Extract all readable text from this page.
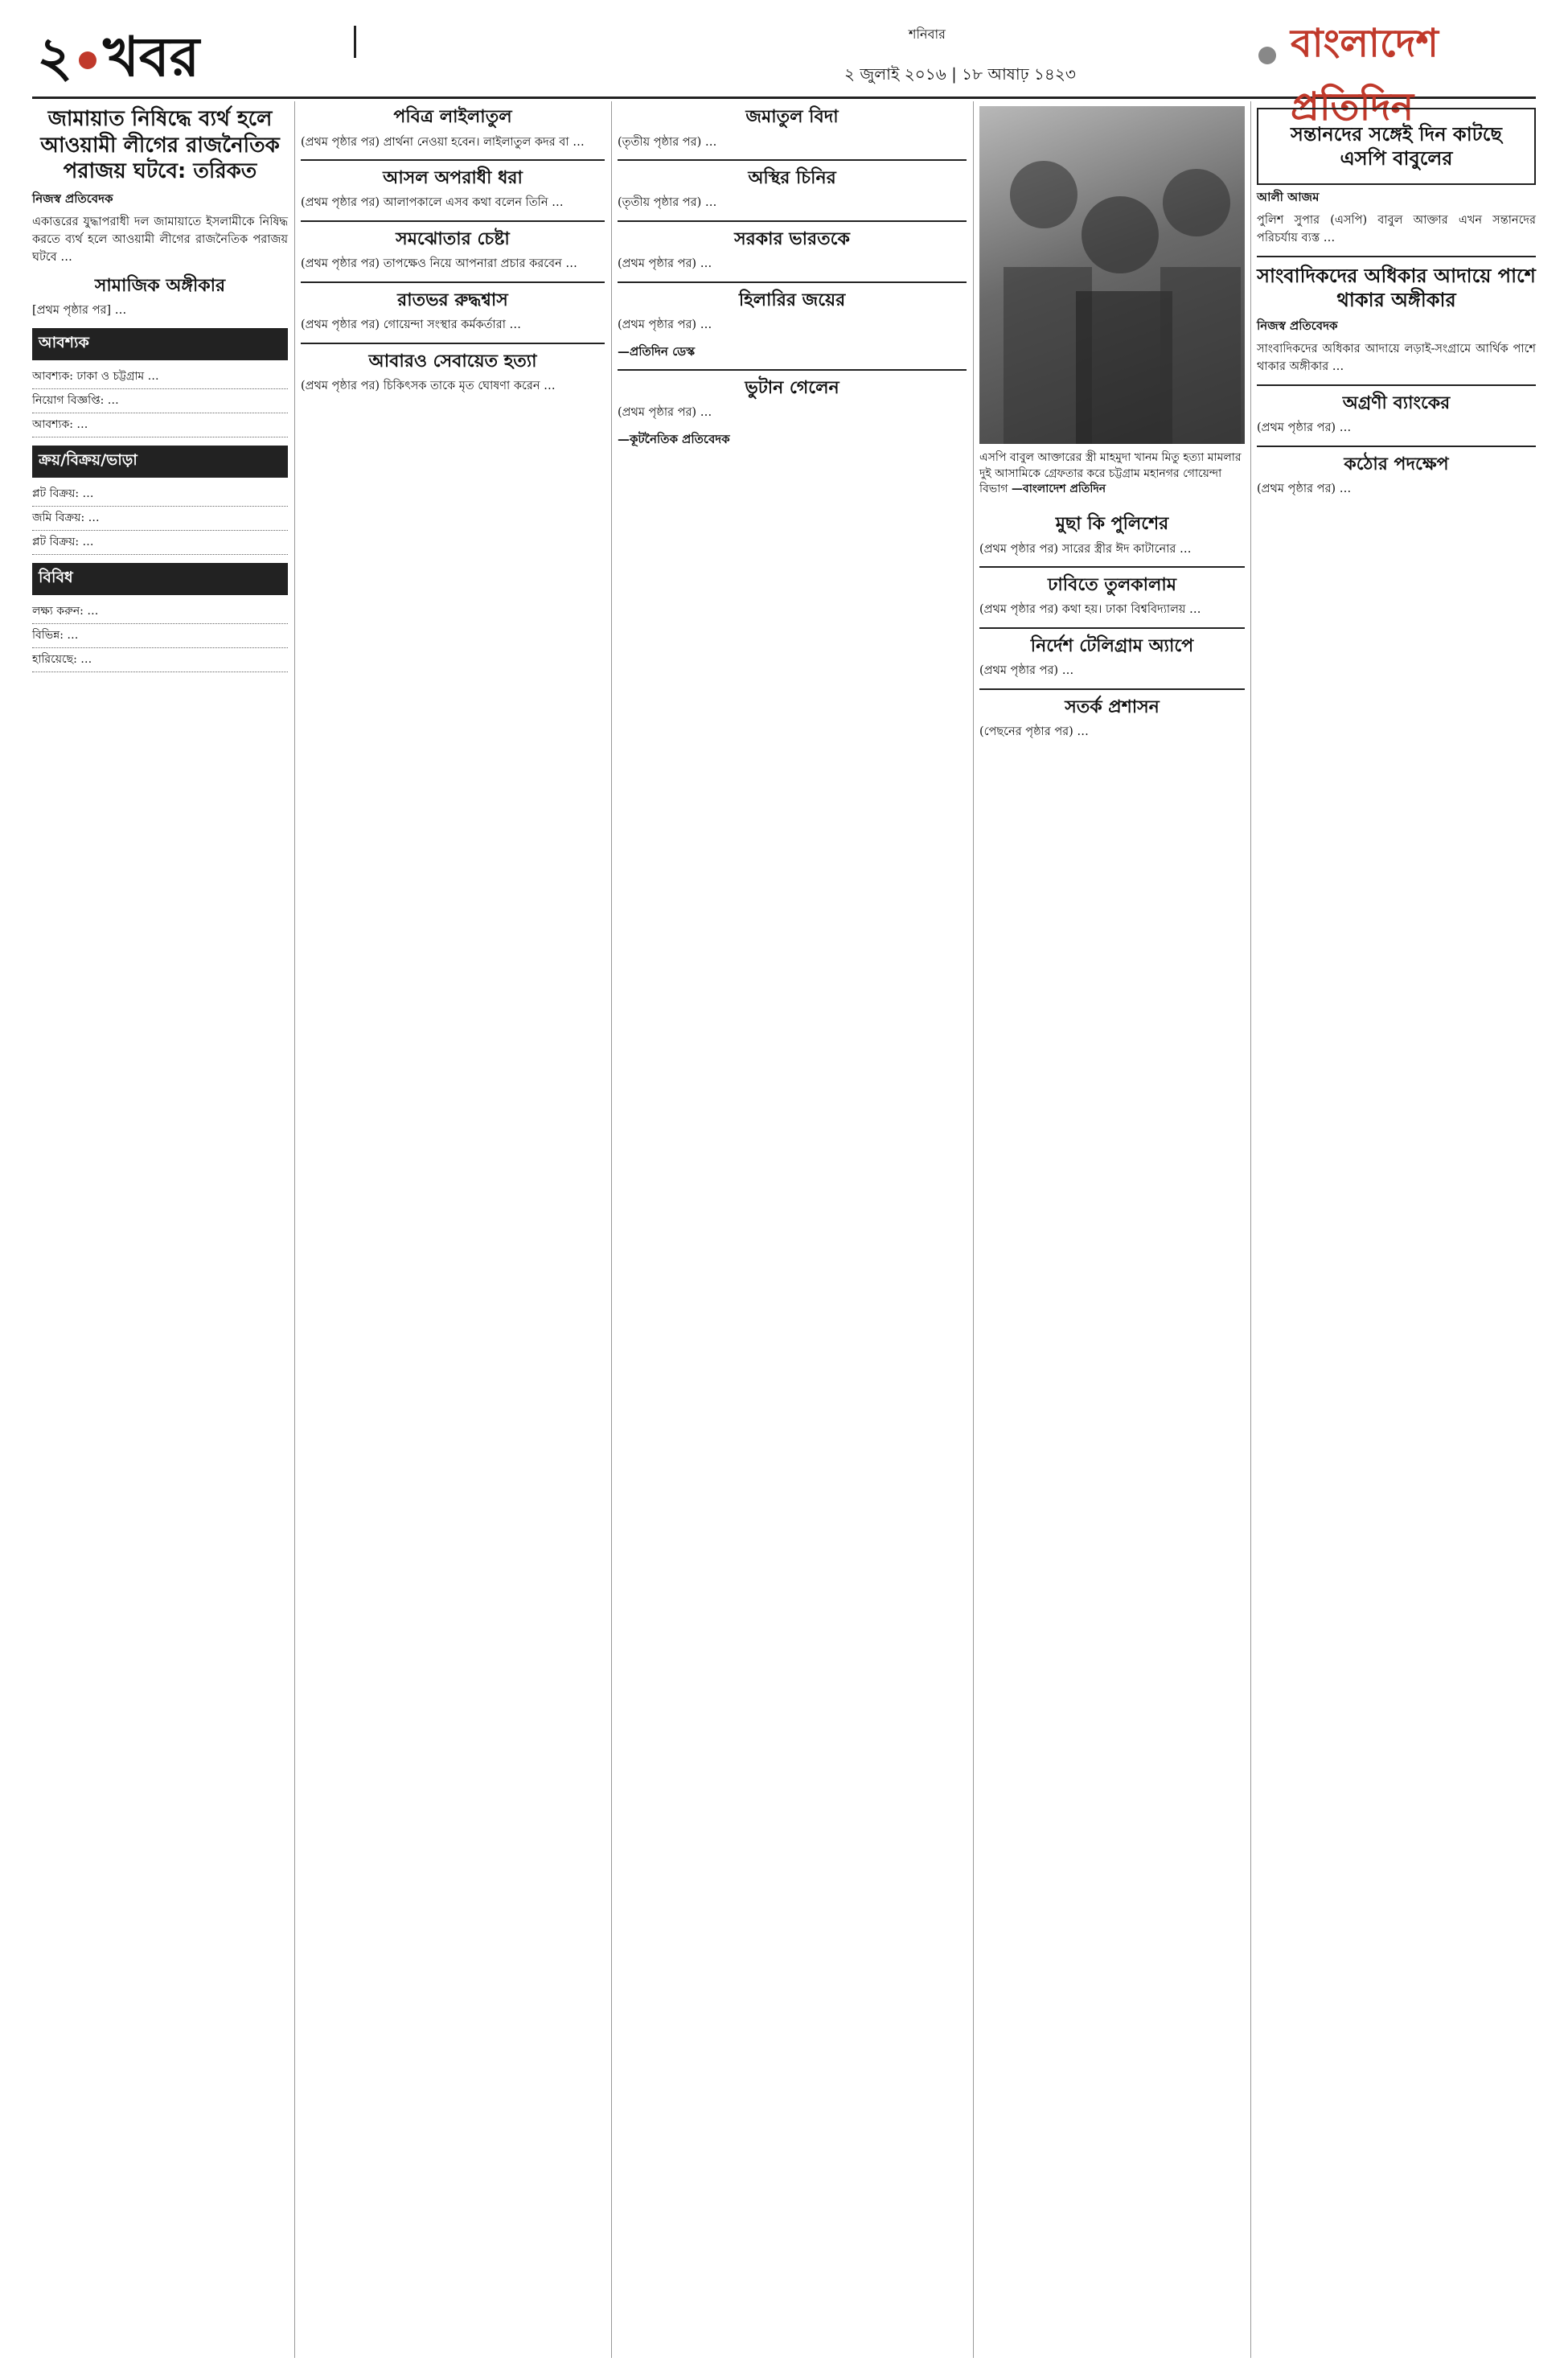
২ খবর	শনিবার
২ জুলাই ২০১৬ | ১৮ আষাঢ় ১৪২৩
বাংলাদেশ প্রতিদিন
জামায়াত নিষিদ্ধে ব্যর্থ হলে আওয়ামী লীগের রাজনৈতিক পরাজয় ঘটবে: তরিকত
নিজস্ব প্রতিবেদক

একাত্তরের যুদ্ধাপরাধী দল জামায়াতে ইসলামীকে নিষিদ্ধ করতে ব্যর্থ হলে আওয়ামী লীগের রাজনৈতিক পরাজয় ঘটবে …

সামাজিক অঙ্গীকার

[প্রথম পৃষ্ঠার পর] …

আবশ্যক
আবশ্যক: ঢাকা ও চট্টগ্রাম …
নিয়োগ বিজ্ঞপ্তি: …
আবশ্যক: …
ক্রয়/বিক্রয়/ভাড়া
প্লট বিক্রয়: …
জমি বিক্রয়: …
প্লট বিক্রয়: …
বিবিধ
লক্ষ্য করুন: …
বিভিন্ন: …
হারিয়েছে: …
পবিত্র লাইলাতুল

(প্রথম পৃষ্ঠার পর) প্রার্থনা নেওয়া হবেন। লাইলাতুল কদর বা …

আসল অপরাধী ধরা

(প্রথম পৃষ্ঠার পর) আলাপকালে এসব কথা বলেন তিনি …

সমঝোতার চেষ্টা

(প্রথম পৃষ্ঠার পর) তাপক্ষেও নিয়ে আপনারা প্রচার করবেন …

রাতভর রুদ্ধশ্বাস

(প্রথম পৃষ্ঠার পর) গোয়েন্দা সংস্থার কর্মকর্তারা …

আবারও সেবায়েত হত্যা

(প্রথম পৃষ্ঠার পর) চিকিৎসক তাকে মৃত ঘোষণা করেন …

জমাতুল বিদা

(তৃতীয় পৃষ্ঠার পর) …

অস্থির চিনির

(তৃতীয় পৃষ্ঠার পর) …

সরকার ভারতকে

(প্রথম পৃষ্ঠার পর) …

হিলারির জয়ের

(প্রথম পৃষ্ঠার পর) …

—প্রতিদিন ডেস্ক
ভুটান গেলেন

(প্রথম পৃষ্ঠার পর) …

—কূটনৈতিক প্রতিবেদক
এসপি বাবুল আক্তারের স্ত্রী মাহমুদা খানম মিতু হত্যা মামলার দুই আসামিকে গ্রেফতার করে চট্টগ্রাম মহানগর গোয়েন্দা বিভাগ —বাংলাদেশ প্রতিদিন
মুছা কি পুলিশের

(প্রথম পৃষ্ঠার পর) সারের স্ত্রীর ঈদ কাটানোর …

ঢাবিতে তুলকালাম

(প্রথম পৃষ্ঠার পর) কথা হয়। ঢাকা বিশ্ববিদ্যালয় …

নির্দেশ টেলিগ্রাম অ্যাপে

(প্রথম পৃষ্ঠার পর) …

সতর্ক প্রশাসন

(পেছনের পৃষ্ঠার পর) …

সন্তানদের সঙ্গেই দিন কাটছে এসপি বাবুলের
আলী আজম

পুলিশ সুপার (এসপি) বাবুল আক্তার এখন সন্তানদের পরিচর্যায় ব্যস্ত …

সাংবাদিকদের অধিকার আদায়ে পাশে থাকার অঙ্গীকার
নিজস্ব প্রতিবেদক

সাংবাদিকদের অধিকার আদায়ে লড়াই-সংগ্রামে আর্থিক পাশে থাকার অঙ্গীকার …

অগ্রণী ব্যাংকের

(প্রথম পৃষ্ঠার পর) …

কঠোর পদক্ষেপ

(প্রথম পৃষ্ঠার পর) …
